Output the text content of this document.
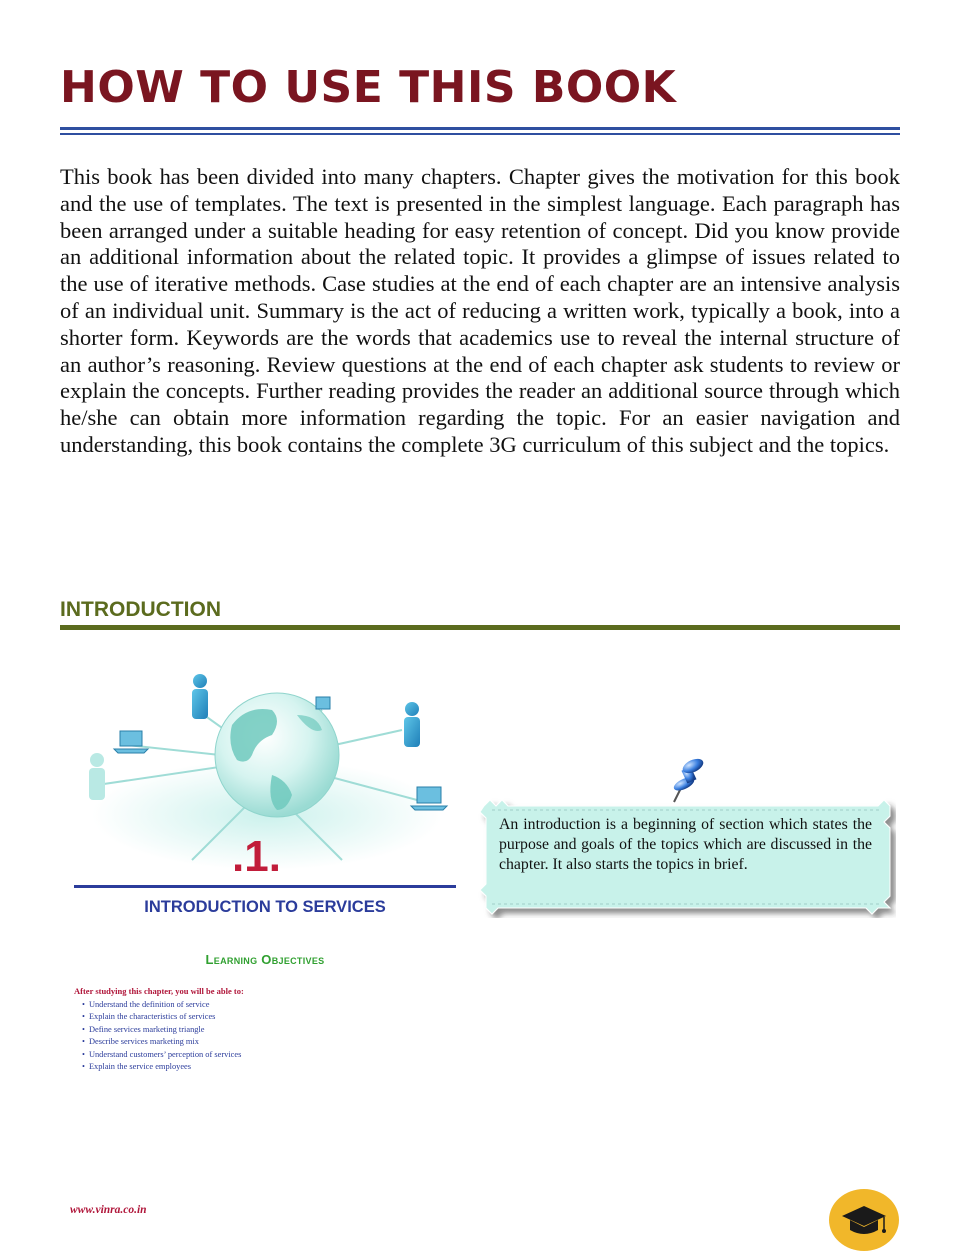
HOW TO USE THIS BOOK

This book has been divided into many chapters. Chapter gives the motivation for this book and the use of templates. The text is presented in the simplest language. Each paragraph has been arranged under a suitable heading for easy retention of concept. Did you know provide an additional information about the related topic. It provides a glimpse of issues related to the use of iterative methods. Case studies at the end of each chapter are an intensive analysis of an individual unit. Summary is the act of reducing a written work, typically a book, into a shorter form. Keywords are the words that academics use to reveal the internal structure of an author’s reasoning. Review questions at the end of each chapter ask students to review or explain the concepts. Further reading provides the reader an additional source through which he/she can obtain more information regarding the topic. For an easier navigation and understanding, this book contains the complete 3G curriculum of this subject and the topics.

INTRODUCTION
.1.
INTRODUCTION TO SERVICES
Learning Objectives
After studying this chapter, you will be able to:
• Understand the definition of service
• Explain the characteristics of services
• Define services marketing triangle
• Describe services marketing mix
• Understand customers’ perception of services
• Explain the service employees

An introduction is a beginning of section which states the purpose and goals of the topics which are discussed in the chapter. It also starts the topics in brief.

www.vinra.co.in
